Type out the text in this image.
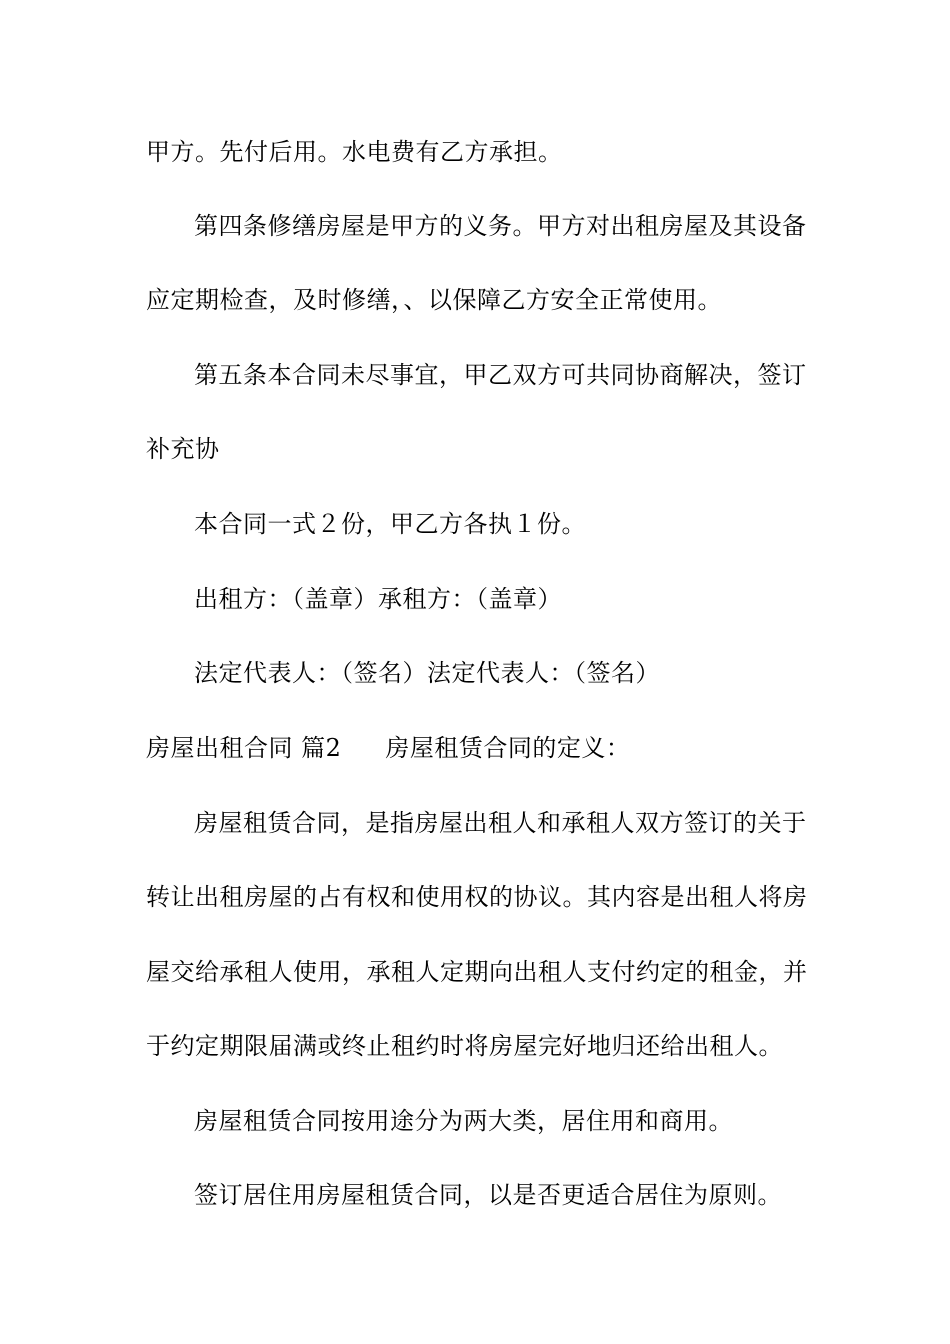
甲方。先付后用。水电费有乙方承担。
第四条修缮房屋是甲方的义务。甲方对出租房屋及其设备
应定期检查，及时修缮，、以保障乙方安全正常使用。
第五条本合同未尽事宜，甲乙双方可共同协商解决，签订
补充协
本合同一式２份，甲乙方各执１份。
出租方：（盖章）承租方：（盖章）
法定代表人：（签名）法定代表人：（签名）
房屋出租合同 篇2 房屋租赁合同的定义：
房屋租赁合同，是指房屋出租人和承租人双方签订的关于
转让出租房屋的占有权和使用权的协议。其内容是出租人将房
屋交给承租人使用，承租人定期向出租人支付约定的租金，并
于约定期限届满或终止租约时将房屋完好地归还给出租人。
房屋租赁合同按用途分为两大类，居住用和商用。
签订居住用房屋租赁合同，以是否更适合居住为原则。
